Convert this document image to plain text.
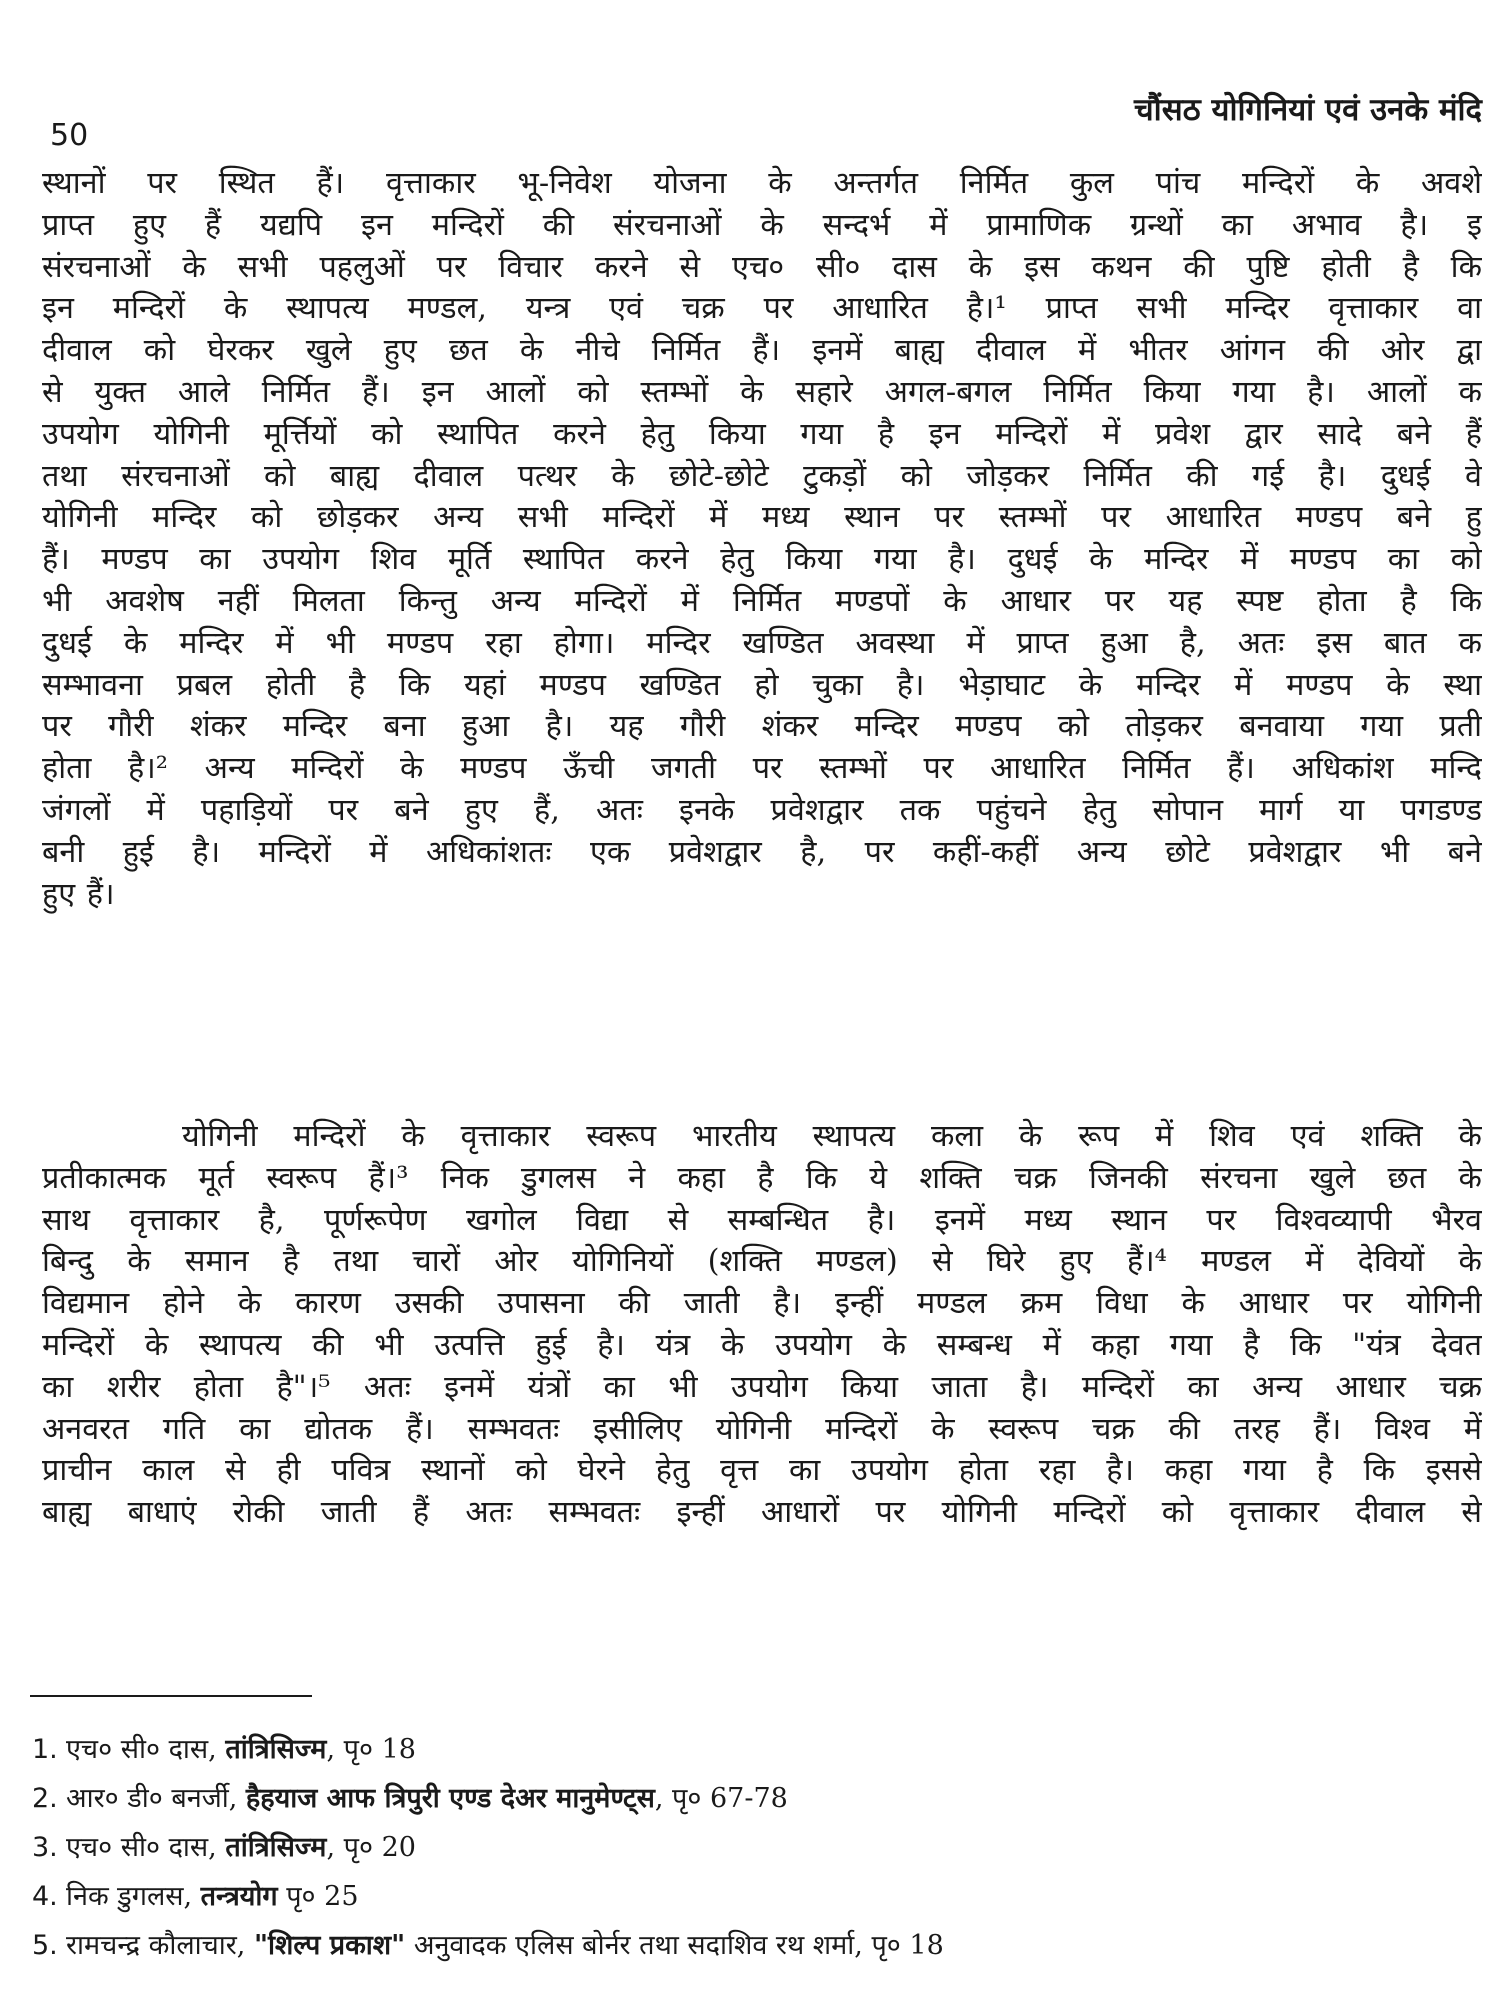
चौंसठ योगिनियां एवं उनके मंदि
50
स्थानों पर स्थित हैं। वृत्ताकार भू-निवेश योजना के अन्तर्गत निर्मित कुल पांच मन्दिरों के अवशे
प्राप्त हुए हैं यद्यपि इन मन्दिरों की संरचनाओं के सन्दर्भ में प्रामाणिक ग्रन्थों का अभाव है। इ
संरचनाओं के सभी पहलुओं पर विचार करने से एच० सी० दास के इस कथन की पुष्टि होती है कि
इन मन्दिरों के स्थापत्य मण्डल, यन्त्र एवं चक्र पर आधारित है।¹ प्राप्त सभी मन्दिर वृत्ताकार वा
दीवाल को घेरकर खुले हुए छत के नीचे निर्मित हैं। इनमें बाह्य दीवाल में भीतर आंगन की ओर द्वा
से युक्त आले निर्मित हैं। इन आलों को स्तम्भों के सहारे अगल-बगल निर्मित किया गया है। आलों क
उपयोग योगिनी मूर्त्तियों को स्थापित करने हेतु किया गया है इन मन्दिरों में प्रवेश द्वार सादे बने हैं
तथा संरचनाओं को बाह्य दीवाल पत्थर के छोटे-छोटे टुकड़ों को जोड़कर निर्मित की गई है। दुधई वे
योगिनी मन्दिर को छोड़कर अन्य सभी मन्दिरों में मध्य स्थान पर स्तम्भों पर आधारित मण्डप बने हु
हैं। मण्डप का उपयोग शिव मूर्ति स्थापित करने हेतु किया गया है। दुधई के मन्दिर में मण्डप का को
भी अवशेष नहीं मिलता किन्तु अन्य मन्दिरों में निर्मित मण्डपों के आधार पर यह स्पष्ट होता है कि
दुधई के मन्दिर में भी मण्डप रहा होगा। मन्दिर खण्डित अवस्था में प्राप्त हुआ है, अतः इस बात क
सम्भावना प्रबल होती है कि यहां मण्डप खण्डित हो चुका है। भेड़ाघाट के मन्दिर में मण्डप के स्था
पर गौरी शंकर मन्दिर बना हुआ है। यह गौरी शंकर मन्दिर मण्डप को तोड़कर बनवाया गया प्रती
होता है।² अन्य मन्दिरों के मण्डप ऊँची जगती पर स्तम्भों पर आधारित निर्मित हैं। अधिकांश मन्दि
जंगलों में पहाड़ियों पर बने हुए हैं, अतः इनके प्रवेशद्वार तक पहुंचने हेतु सोपान मार्ग या पगडण्ड
बनी हुई है। मन्दिरों में अधिकांशतः एक प्रवेशद्वार है, पर कहीं-कहीं अन्य छोटे प्रवेशद्वार भी बने
हुए हैं।
योगिनी मन्दिरों के वृत्ताकार स्वरूप भारतीय स्थापत्य कला के रूप में शिव एवं शक्ति के
प्रतीकात्मक मूर्त स्वरूप हैं।³ निक डुगलस ने कहा है कि ये शक्ति चक्र जिनकी संरचना खुले छत के
साथ वृत्ताकार है, पूर्णरूपेण खगोल विद्या से सम्बन्धित है। इनमें मध्य स्थान पर विश्वव्यापी भैरव
बिन्दु के समान है तथा चारों ओर योगिनियों (शक्ति मण्डल) से घिरे हुए हैं।⁴ मण्डल में देवियों के
विद्यमान होने के कारण उसकी उपासना की जाती है। इन्हीं मण्डल क्रम विधा के आधार पर योगिनी
मन्दिरों के स्थापत्य की भी उत्पत्ति हुई है। यंत्र के उपयोग के सम्बन्ध में कहा गया है कि "यंत्र देवत
का शरीर होता है"।⁵ अतः इनमें यंत्रों का भी उपयोग किया जाता है। मन्दिरों का अन्य आधार चक्र
अनवरत गति का द्योतक हैं। सम्भवतः इसीलिए योगिनी मन्दिरों के स्वरूप चक्र की तरह हैं। विश्व में
प्राचीन काल से ही पवित्र स्थानों को घेरने हेतु वृत्त का उपयोग होता रहा है। कहा गया है कि इससे
बाह्य बाधाएं रोकी जाती हैं अतः सम्भवतः इन्हीं आधारों पर योगिनी मन्दिरों को वृत्ताकार दीवाल से
1. एच० सी० दास, तांत्रिसिज्म, पृ० 18
2. आर० डी० बनर्जी, हैहयाज आफ त्रिपुरी एण्ड देअर मानुमेण्ट्स, पृ० 67-78
3. एच० सी० दास, तांत्रिसिज्म, पृ० 20
4. निक डुगलस, तन्त्रयोग पृ० 25
5. रामचन्द्र कौलाचार, "शिल्प प्रकाश" अनुवादक एलिस बोर्नर तथा सदाशिव रथ शर्मा, पृ० 18
